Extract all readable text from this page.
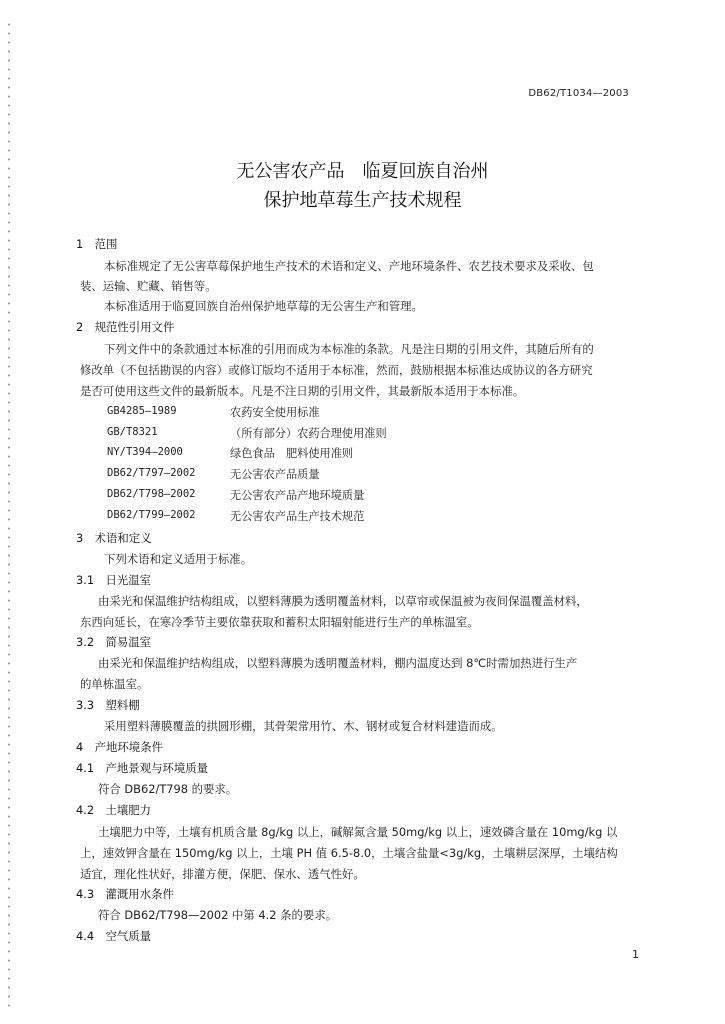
DB62/T1034—2003
无公害农产品　临夏回族自治州
保护地草莓生产技术规程
1　范围
本标准规定了无公害草莓保护地生产技术的术语和定义、产地环境条件、农艺技术要求及采收、包
装、运输、贮藏、销售等。
本标准适用于临夏回族自治州保护地草莓的无公害生产和管理。
2　规范性引用文件
下列文件中的条款通过本标准的引用而成为本标准的条款。凡是注日期的引用文件，其随后所有的
修改单（不包括勘误的内容）或修订版均不适用于本标准，然而，鼓励根据本标准达成协议的各方研究
是否可使用这些文件的最新版本。凡是不注日期的引用文件，其最新版本适用于本标准。
GB4285—1989	农药安全使用标准
GB/T8321	（所有部分）农药合理使用准则
NY/T394—2000	绿色食品　肥料使用准则
DB62/T797—2002	无公害农产品质量
DB62/T798—2002	无公害农产品产地环境质量
DB62/T799—2002	无公害农产品生产技术规范
3　术语和定义
下列术语和定义适用于标准。
3.1　日光温室
由采光和保温维护结构组成，以塑料薄膜为透明覆盖材料，以草帘或保温被为夜间保温覆盖材料，
东西向延长，在寒冷季节主要依靠获取和蓄积太阳辐射能进行生产的单栋温室。
3.2　简易温室
由采光和保温维护结构组成，以塑料薄膜为透明覆盖材料，棚内温度达到 8℃时需加热进行生产
的单栋温室。
3.3　塑料棚
采用塑料薄膜覆盖的拱圆形棚，其骨架常用竹、木、钢材或复合材料建造而成。
4　产地环境条件
4.1　产地景观与环境质量
符合 DB62/T798 的要求。
4.2　土壤肥力
土壤肥力中等，土壤有机质含量 8g/kg 以上，碱解氮含量 50mg/kg 以上，速效磷含量在 10mg/kg 以
上，速效钾含量在 150mg/kg 以上，土壤 PH 值 6.5-8.0，土壤含盐量<3g/kg，土壤耕层深厚，土壤结构
适宜，理化性状好，排灌方便，保肥、保水、透气性好。
4.3　灌溉用水条件
符合 DB62/T798—2002 中第 4.2 条的要求。
4.4　空气质量
1
